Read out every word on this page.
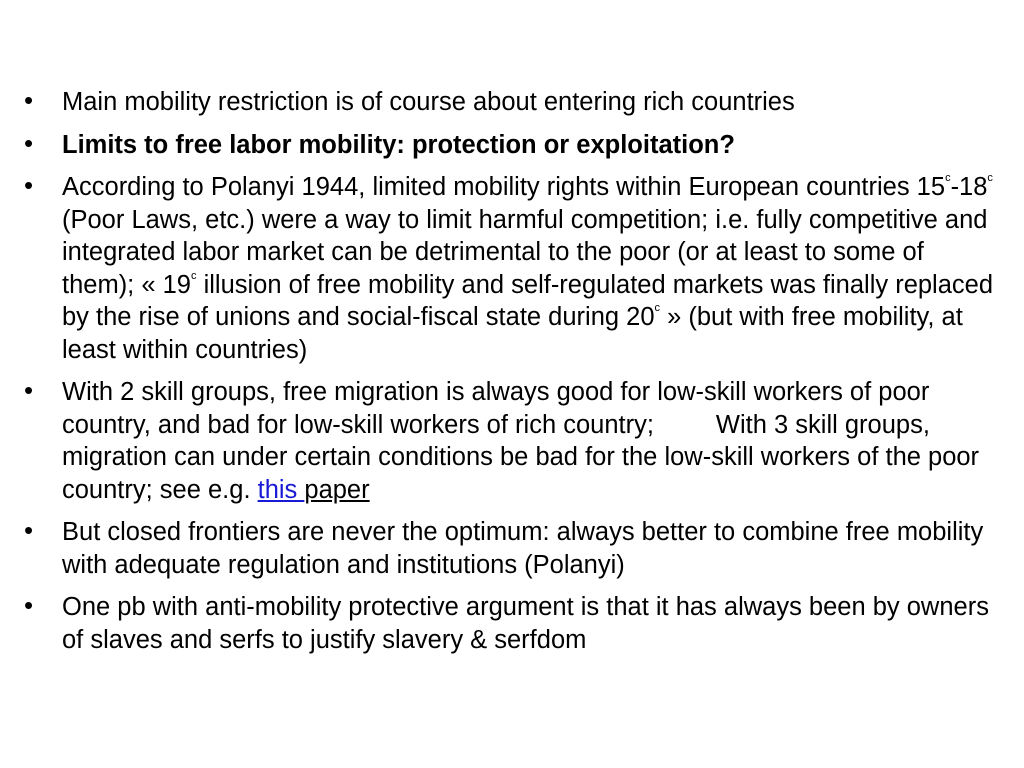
• Main mobility restriction is of course about entering rich countries
• Limits to free labor mobility: protection or exploitation?
• According to Polanyi 1944, limited mobility rights within European countries 15$^c$-18$^c$ (Poor Laws, etc.) were a way to limit harmful competition; i.e. fully competitive and integrated labor market can be detrimental to the poor (or at least to some of them); « 19$^c$ illusion of free mobility and self-regulated markets was finally replaced by the rise of unions and social-fiscal state during 20$^c$ » (but with free mobility, at least within countries)
• With 2 skill groups, free migration is always good for low-skill workers of poor country, and bad for low-skill workers of rich country; With 3 skill groups, migration can under certain conditions be bad for the low-skill workers of the poor country; see e.g. this paper
• But closed frontiers are never the optimum: always better to combine free mobility with adequate regulation and institutions (Polanyi)
• One pb with anti-mobility protective argument is that it has always been by owners of slaves and serfs to justify slavery & serfdom
